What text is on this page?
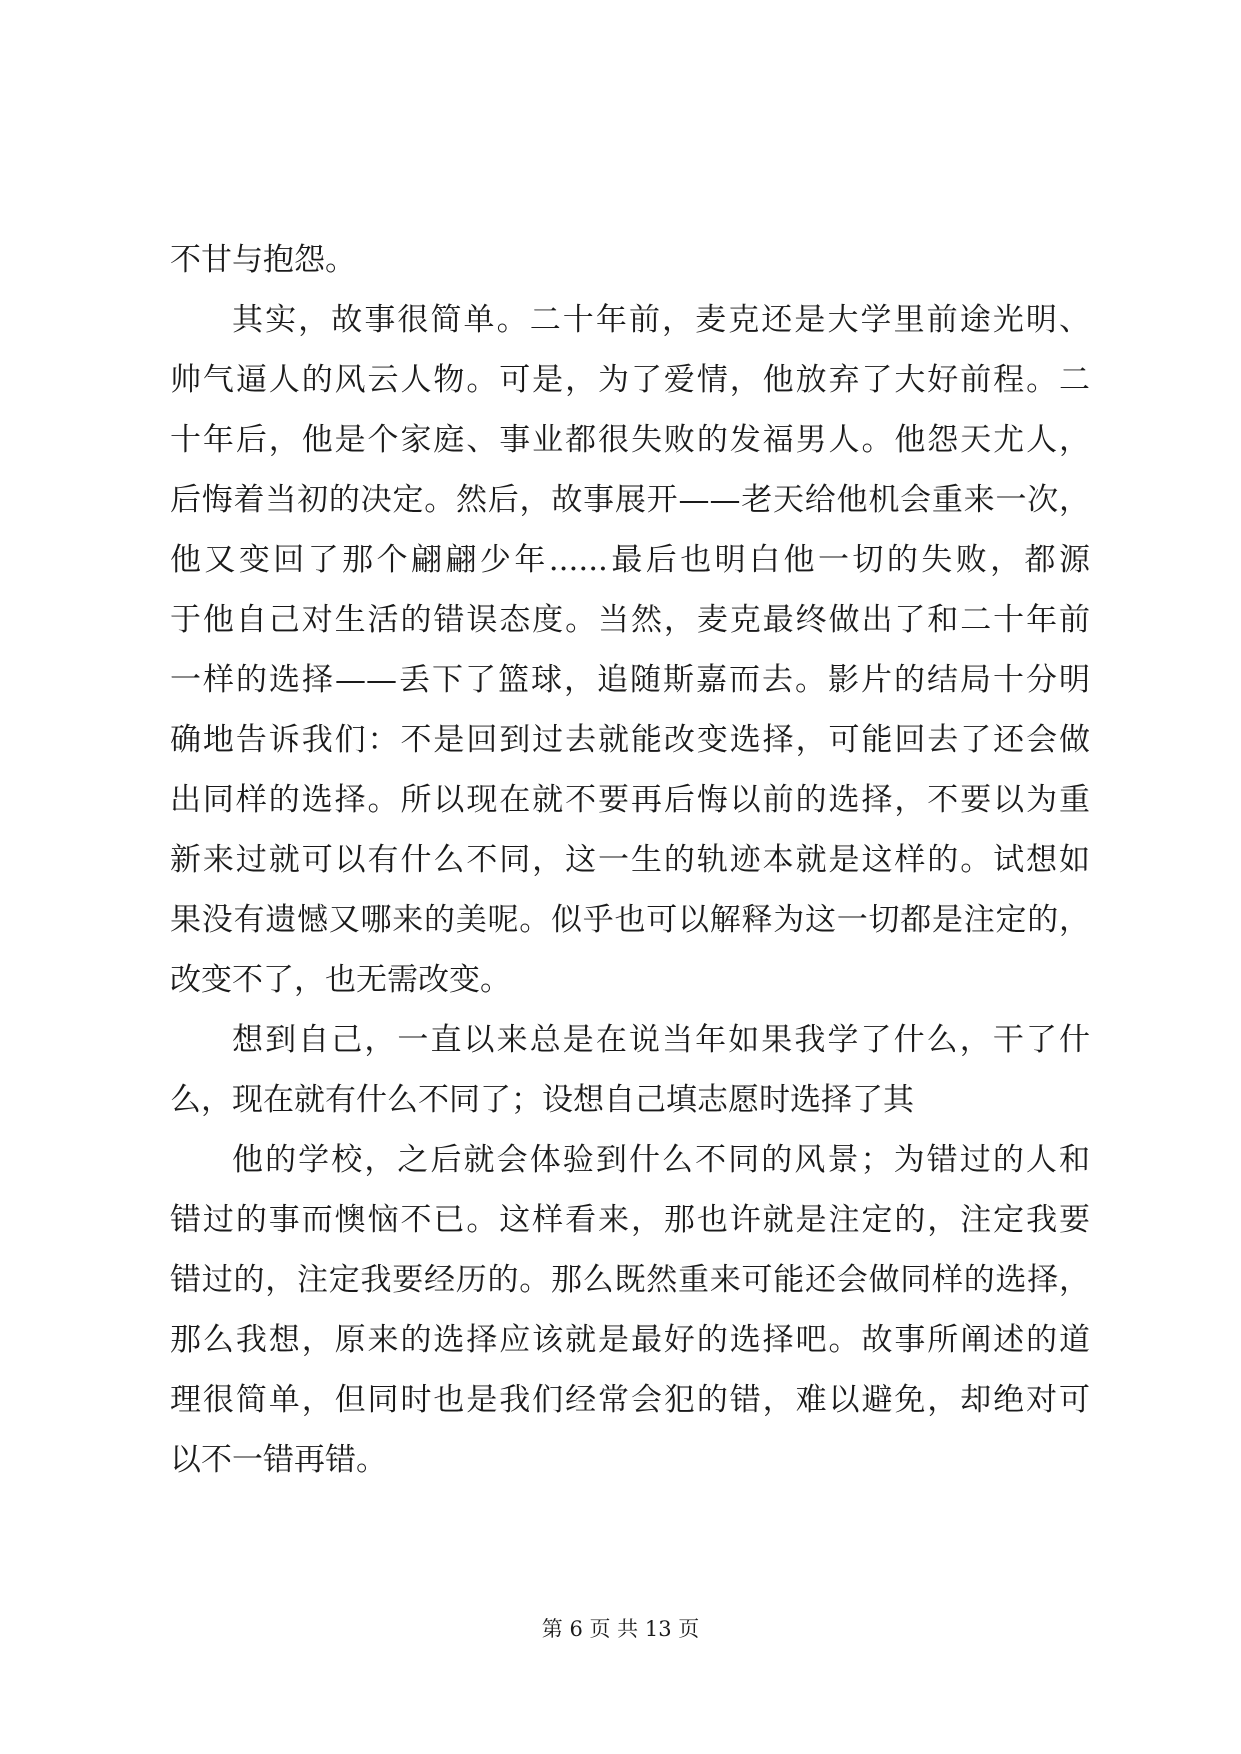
不甘与抱怨。
其实，故事很简单。二十年前，麦克还是大学里前途光明、
帅气逼人的风云人物。可是，为了爱情，他放弃了大好前程。二
十年后，他是个家庭、事业都很失败的发福男人。他怨天尤人，
后悔着当初的决定。然后，故事展开——老天给他机会重来一次，
他又变回了那个翩翩少年......最后也明白他一切的失败，都源
于他自己对生活的错误态度。当然，麦克最终做出了和二十年前
一样的选择——丢下了篮球，追随斯嘉而去。影片的结局十分明
确地告诉我们：不是回到过去就能改变选择，可能回去了还会做
出同样的选择。所以现在就不要再后悔以前的选择，不要以为重
新来过就可以有什么不同，这一生的轨迹本就是这样的。试想如
果没有遗憾又哪来的美呢。似乎也可以解释为这一切都是注定的，
改变不了，也无需改变。
想到自己，一直以来总是在说当年如果我学了什么，干了什
么，现在就有什么不同了；设想自己填志愿时选择了其
他的学校，之后就会体验到什么不同的风景；为错过的人和
错过的事而懊恼不已。这样看来，那也许就是注定的，注定我要
错过的，注定我要经历的。那么既然重来可能还会做同样的选择，
那么我想，原来的选择应该就是最好的选择吧。故事所阐述的道
理很简单，但同时也是我们经常会犯的错，难以避免，却绝对可
以不一错再错。
第 6 页 共 13 页
